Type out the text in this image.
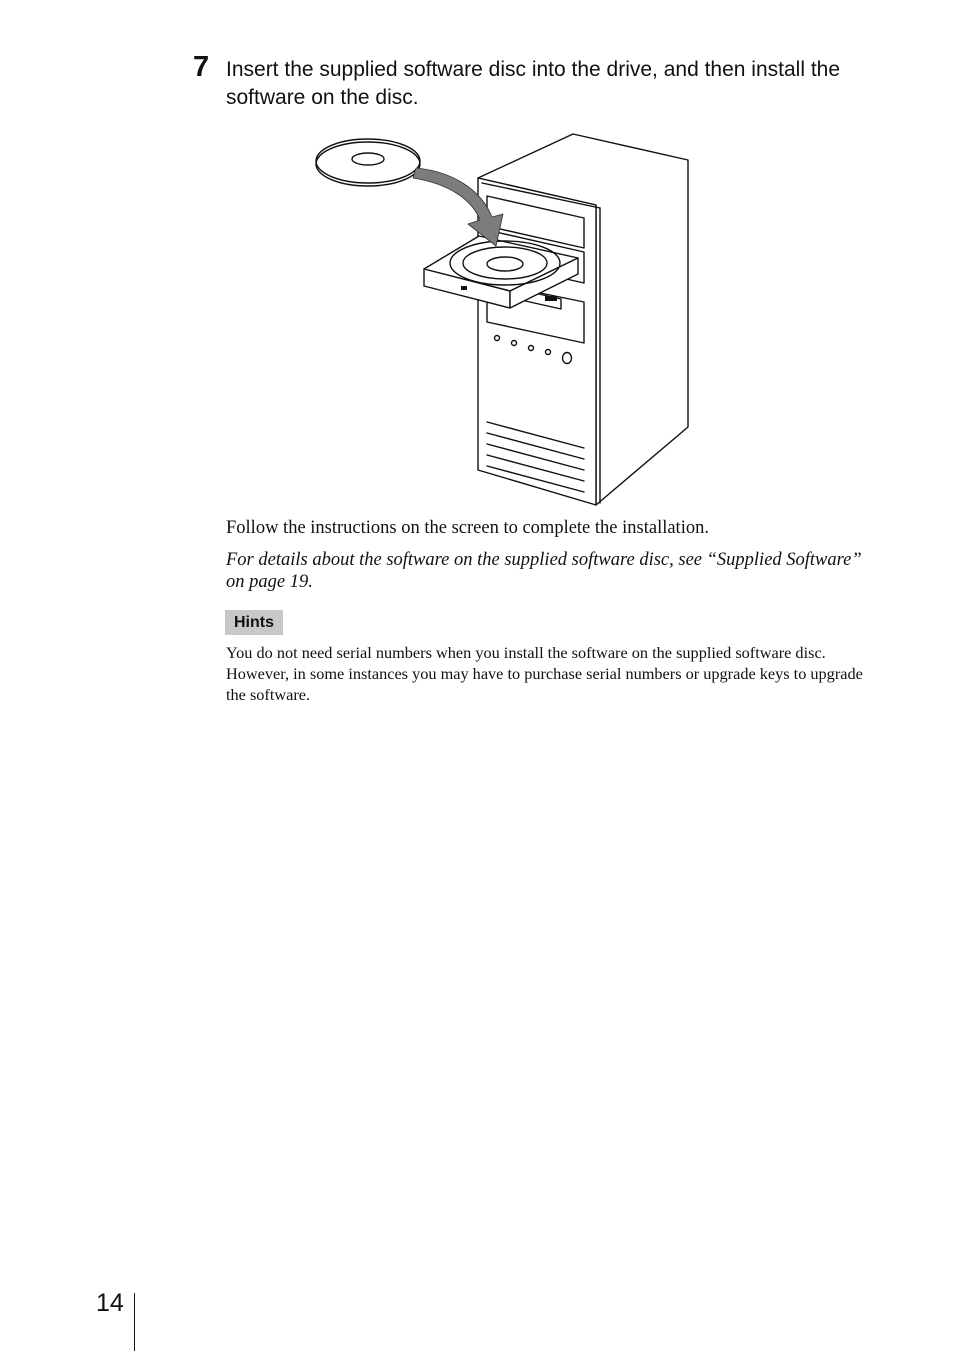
7 Insert the supplied software disc into the drive, and then install the software on the disc.
Follow the instructions on the screen to complete the installation.
For details about the software on the supplied software disc, see “Supplied Software” on page 19.
Hints
You do not need serial numbers when you install the software on the supplied software disc. However, in some instances you may have to purchase serial numbers or upgrade keys to upgrade the software.
14
